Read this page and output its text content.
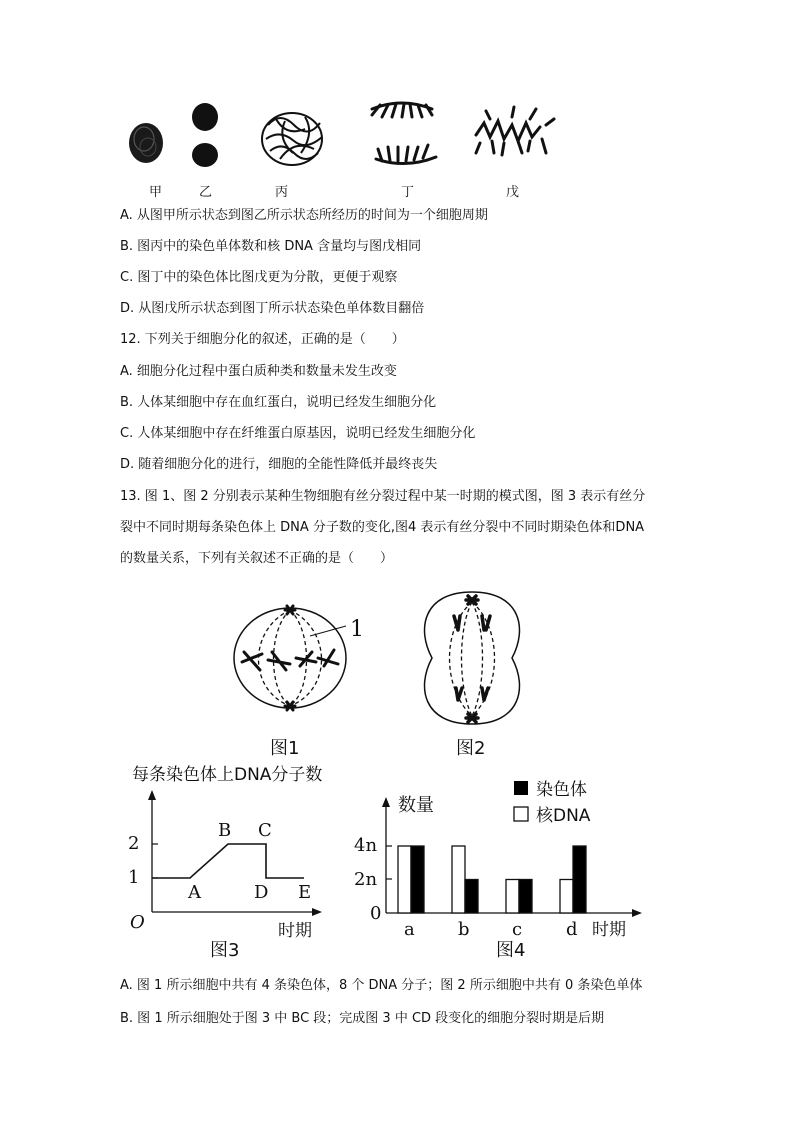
甲	乙	丙	丁	戊
A. 从图甲所示状态到图乙所示状态所经历的时间为一个细胞周期
B. 图丙中的染色单体数和核 DNA 含量均与图戊相同
C. 图丁中的染色体比图戊更为分散，更便于观察
D. 从图戊所示状态到图丁所示状态染色单体数目翻倍
12. 下列关于细胞分化的叙述，正确的是（　　）
A. 细胞分化过程中蛋白质种类和数量未发生改变
B. 人体某细胞中存在血红蛋白，说明已经发生细胞分化
C. 人体某细胞中存在纤维蛋白原基因，说明已经发生细胞分化
D. 随着细胞分化的进行，细胞的全能性降低并最终丧失
13. 图 1、图 2 分别表示某种生物细胞有丝分裂过程中某一时期的模式图，图 3 表示有丝分
裂中不同时期每条染色体上 DNA 分子数的变化,图4 表示有丝分裂中不同时期染色体和DNA
的数量关系，下列有关叙述不正确的是（　　）
1
图1	图2
每条染色体上DNA分子数
O	时期
2
1
A
B C
D E
图3
数量
4n
2n
0
染色体
核DNA
时期
a b c d
图4
A. 图 1 所示细胞中共有 4 条染色体，8 个 DNA 分子；图 2 所示细胞中共有 0 条染色单体
B. 图 1 所示细胞处于图 3 中 BC 段；完成图 3 中 CD 段变化的细胞分裂时期是后期
